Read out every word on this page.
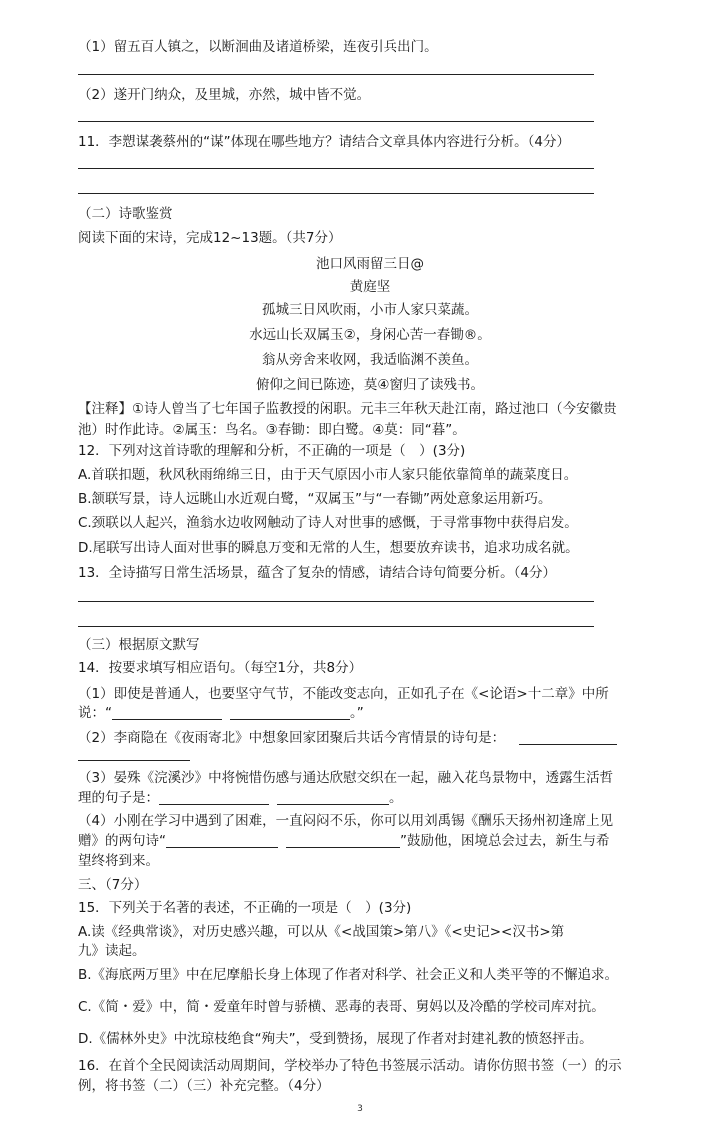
（1）留五百人镇之，以断洄曲及诸道桥梁，连夜引兵出门。
（2）遂开门纳众，及里城，亦然，城中皆不觉。
11．李愬谋袭蔡州的“谋”体现在哪些地方？请结合文章具体内容进行分析。（4分）
（二）诗歌鉴赏
阅读下面的宋诗，完成12~13题。（共7分）
池口风雨留三日@
黄庭坚
孤城三日风吹雨，小市人家只菜蔬。
水远山长双属玉②，身闲心苦一春锄®。
翁从旁舍来收网，我适临渊不羡鱼。
俯仰之间已陈迹，莫④窗归了读残书。
【注释】①诗人曾当了七年国子监教授的闲职。元丰三年秋天赴江南，路过池口（今安徽贵
池）时作此诗。②属玉：鸟名。③春锄：即白鹭。④莫：同“暮”。
12．下列对这首诗歌的理解和分析，不正确的一项是（　）(3分)
A.首联扣题，秋风秋雨绵绵三日，由于天气原因小市人家只能依靠简单的蔬菜度日。
B.颔联写景，诗人远眺山水近观白鹭，“双属玉”与“一春锄”两处意象运用新巧。
C.颈联以人起兴，渔翁水边收网触动了诗人对世事的感慨，于寻常事物中获得启发。
D.尾联写出诗人面对世事的瞬息万变和无常的人生，想要放弃读书，追求功成名就。
13．全诗描写日常生活场景，蕴含了复杂的情感，请结合诗句简要分析。（4分）
（三）根据原文默写
14．按要求填写相应语句。（每空1分，共8分）
（1）即使是普通人，也要坚守气节，不能改变志向，正如孔子在《<论语>十二章》中所
说：“	。”
（2）李商隐在《夜雨寄北》中想象回家团聚后共话今宵情景的诗句是：
（3）晏殊《浣溪沙》中将惋惜伤感与通达欣慰交织在一起，融入花鸟景物中，透露生活哲
理的句子是：	。
（4）小刚在学习中遇到了困难，一直闷闷不乐，你可以用刘禹锡《酬乐天扬州初逢席上见
赠》的两句诗“	”鼓励他，困境总会过去，新生与希
望终将到来。
三、（7分）
15．下列关于名著的表述，不正确的一项是（　）(3分)
A.读《经典常谈》，对历史感兴趣，可以从《<战国策>第八》《<史记><汉书>第
九》读起。
B.《海底两万里》中在尼摩船长身上体现了作者对科学、社会正义和人类平等的不懈追求。
C.《简・爱》中，简・爱童年时曾与骄横、恶毒的表哥、舅妈以及冷酷的学校司库对抗。
D.《儒林外史》中沈琼枝绝食“殉夫”，受到赞扬，展现了作者对封建礼教的愤怒抨击。
16．在首个全民阅读活动周期间，学校举办了特色书签展示活动。请你仿照书签（一）的示
例，将书签（二）（三）补充完整。（4分）
3
